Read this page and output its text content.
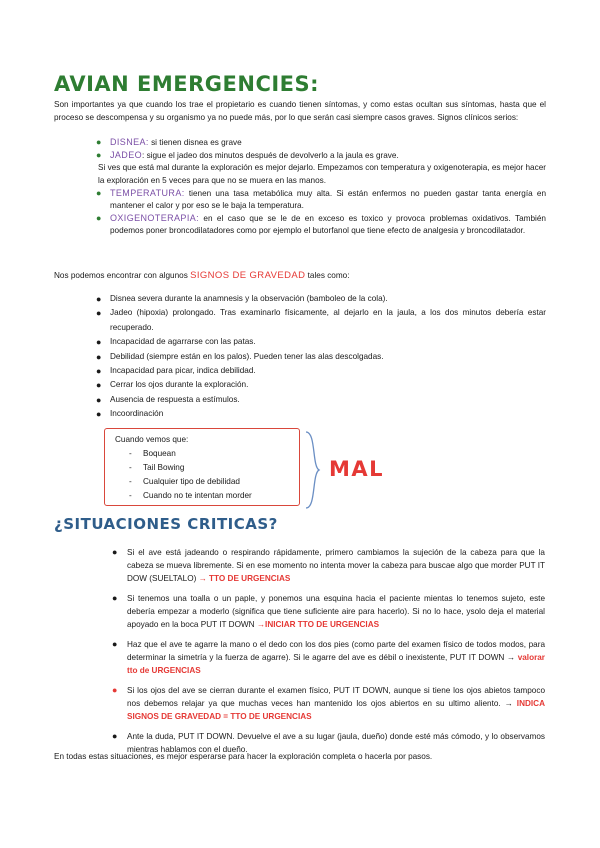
AVIAN EMERGENCIES:

Son importantes ya que cuando los trae el propietario es cuando tienen síntomas, y como estas ocultan sus síntomas, hasta que el proceso se descompensa y su organismo ya no puede más, por lo que serán casi siempre casos graves. Signos clínicos serios:

● DISNEA: si tienen disnea es grave
● JADEO: sigue el jadeo dos minutos después de devolverlo a la jaula es grave.
Si ves que está mal durante la exploración es mejor dejarlo. Empezamos con temperatura y oxigenoterapia, es mejor hacer la exploración en 5 veces para que no se muera en las manos.
● TEMPERATURA: tienen una tasa metabólica muy alta. Si están enfermos no pueden gastar tanta energía en mantener el calor y por eso se le baja la temperatura.
● OXIGENOTERAPIA: en el caso que se le de en exceso es toxico y provoca problemas oxidativos. También podemos poner broncodilatadores como por ejemplo el butorfanol que tiene efecto de analgesia y broncodilatador.
Nos podemos encontrar con algunos SIGNOS DE GRAVEDAD tales como:
● Disnea severa durante la anamnesis y la observación (bamboleo de la cola).
● Jadeo (hipoxia) prolongado. Tras examinarlo físicamente, al dejarlo en la jaula, a los dos minutos debería estar recuperado.
● Incapacidad de agarrarse con las patas.
● Debilidad (siempre están en los palos). Pueden tener las alas descolgadas.
● Incapacidad para picar, indica debilidad.
● Cerrar los ojos durante la exploración.
● Ausencia de respuesta a estímulos.
● Incoordinación
Cuando vemos que:
- Boquean
- Tail Bowing
- Cualquier tipo de debilidad
- Cuando no te intentan morder
MAL
¿SITUACIONES CRITICAS?
● Si el ave está jadeando o respirando rápidamente, primero cambiamos la sujeción de la cabeza para que la cabeza se mueva libremente. Si en ese momento no intenta mover la cabeza para buscae algo que morder PUT IT DOW (SUELTALO) → TTO DE URGENCIAS
● Si tenemos una toalla o un paple, y ponemos una esquina hacia el paciente mientas lo tenemos sujeto, este debería empezar a moderlo (significa que tiene suficiente aire para hacerlo). Si no lo hace, ysolo deja el material apoyado en la boca PUT IT DOWN →INICIAR TTO DE URGENCIAS
● Haz que el ave te agarre la mano o el dedo con los dos pies (como parte del examen físico de todos modos, para determinar la simetría y la fuerza de agarre). Si le agarre del ave es débil o inexistente, PUT IT DOWN → valorar tto de URGENCIAS
● Si los ojos del ave se cierran durante el examen físico, PUT IT DOWN, aunque si tiene los ojos abietos tampoco nos debemos relajar ya que muchas veces han mantenido los ojos abiertos en su ultimo aliento. → INDICA SIGNOS DE GRAVEDAD = TTO DE URGENCIAS
● Ante la duda, PUT IT DOWN. Devuelve el ave a su lugar (jaula, dueño) donde esté más cómodo, y lo observamos mientras hablamos con el dueño.
En todas estas situaciones, es mejor esperarse para hacer la exploración completa o hacerla por pasos.
